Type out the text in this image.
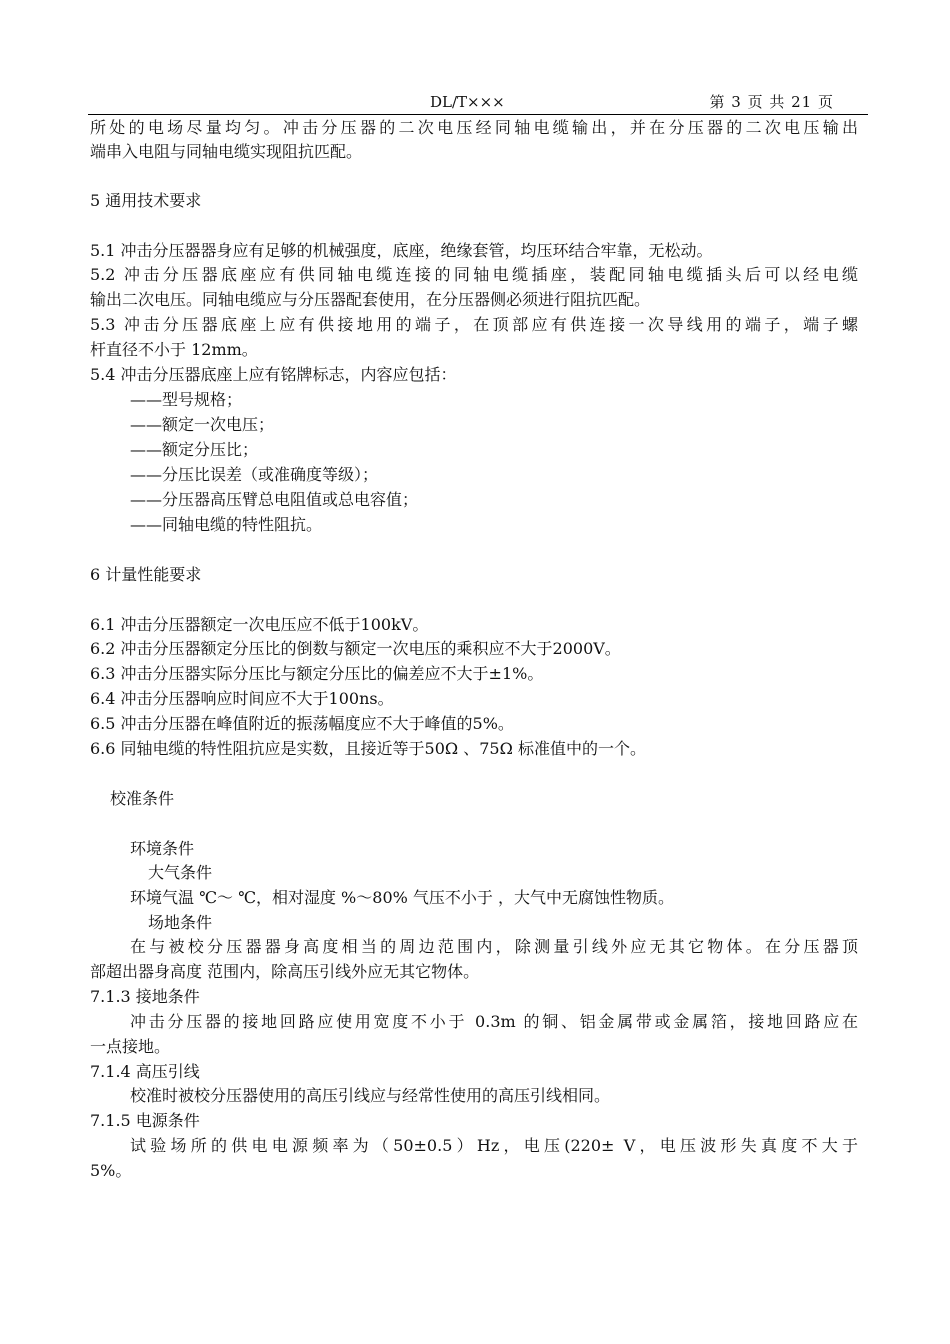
DL/T×××	第 3 页 共 21 页
所处的电场尽量均匀。冲击分压器的二次电压经同轴电缆输出，并在分压器的二次电压输出
端串入电阻与同轴电缆实现阻抗匹配。
5 通用技术要求
5.1 冲击分压器器身应有足够的机械强度，底座，绝缘套管，均压环结合牢靠，无松动。
5.2 冲击分压器底座应有供同轴电缆连接的同轴电缆插座，装配同轴电缆插头后可以经电缆
输出二次电压。同轴电缆应与分压器配套使用，在分压器侧必须进行阻抗匹配。
5.3 冲击分压器底座上应有供接地用的端子，在顶部应有供连接一次导线用的端子，端子螺
杆直径不小于 12mm。
5.4 冲击分压器底座上应有铭牌标志，内容应包括：
——型号规格；
——额定一次电压；
——额定分压比；
——分压比误差（或准确度等级）；
——分压器高压臂总电阻值或总电容值；
——同轴电缆的特性阻抗。
6 计量性能要求
6.1 冲击分压器额定一次电压应不低于100kV。
6.2 冲击分压器额定分压比的倒数与额定一次电压的乘积应不大于2000V。
6.3 冲击分压器实际分压比与额定分压比的偏差应不大于±1%。
6.4 冲击分压器响应时间应不大于100ns。
6.5 冲击分压器在峰值附近的振荡幅度应不大于峰值的5%。
6.6 同轴电缆的特性阻抗应是实数，且接近等于50Ω 、75Ω 标准值中的一个。
校准条件
环境条件
大气条件
环境气温 ℃～ ℃，相对湿度 %～80% 气压不小于 ，大气中无腐蚀性物质。
场地条件
在与被校分压器器身高度相当的周边范围内，除测量引线外应无其它物体。在分压器顶
部超出器身高度 范围内，除高压引线外应无其它物体。
7.1.3 接地条件
冲击分压器的接地回路应使用宽度不小于 0.3m 的铜、铝金属带或金属箔，接地回路应在
一点接地。
7.1.4 高压引线
校准时被校分压器使用的高压引线应与经常性使用的高压引线相同。
7.1.5 电源条件
试验场所的供电电源频率为（50±0.5）Hz，电压(220± V，电压波形失真度不大于
5%。
